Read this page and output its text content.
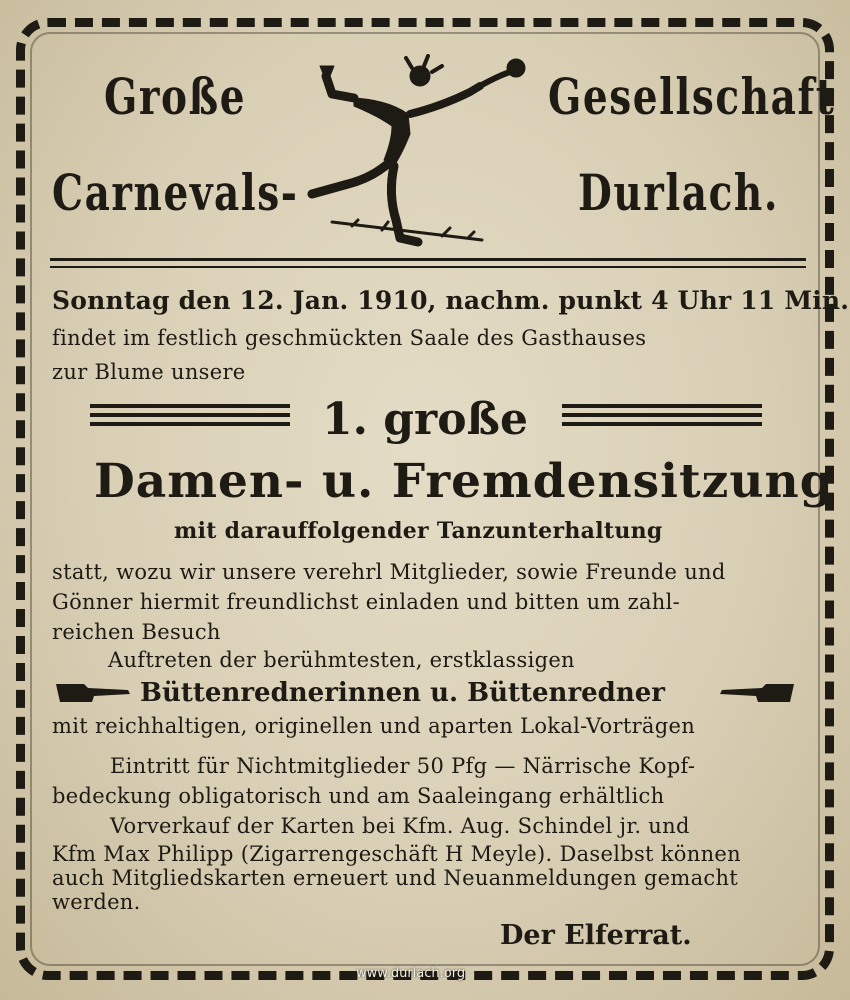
Große
Carnevals-
Gesellschaft
Durlach.
Sonntag den 12. Jan. 1910, nachm. punkt 4 Uhr 11 Min.
findet im festlich geschmückten Saale des Gasthauses
zur Blume unsere
1. große
Damen- u. Fremdensitzung
mit darauffolgender Tanzunterhaltung
statt, wozu wir unsere verehrl Mitglieder, sowie Freunde und
Gönner hiermit freundlichst einladen und bitten um zahl-
reichen Besuch
Auftreten der berühmtesten, erstklassigen
Büttenrednerinnen u. Büttenredner
mit reichhaltigen, originellen und aparten Lokal-Vorträgen
Eintritt für Nichtmitglieder 50 Pfg — Närrische Kopf-
bedeckung obligatorisch und am Saaleingang erhältlich
Vorverkauf der Karten bei Kfm. Aug. Schindel jr. und
Kfm Max Philipp (Zigarrengeschäft H Meyle). Daselbst können
auch Mitgliedskarten erneuert und Neuanmeldungen gemacht
werden.
Der Elferrat.
www.durlach.org
